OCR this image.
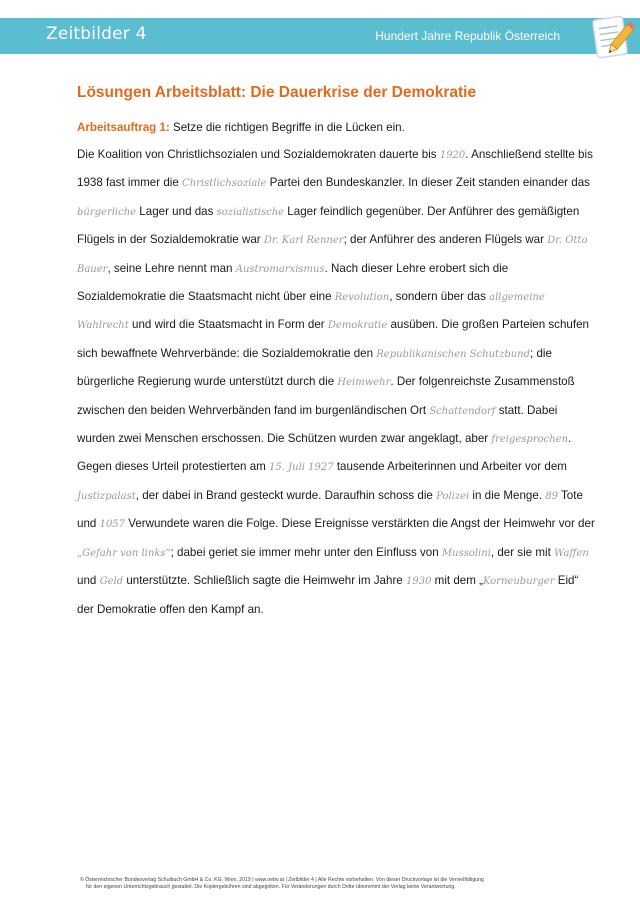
Zeitbilder 4	Hundert Jahre Republik Österreich
Lösungen Arbeitsblatt: Die Dauerkrise der Demokratie
Arbeitsauftrag 1: Setze die richtigen Begriffe in die Lücken ein.
Die Koalition von Christlichsozialen und Sozialdemokraten dauerte bis 1920. Anschließend stellte bis 1938 fast immer die Christlichsoziale Partei den Bundeskanzler. In dieser Zeit standen einander das bürgerliche Lager und das sozialistische Lager feindlich gegenüber. Der Anführer des gemäßigten Flügels in der Sozialdemokratie war Dr. Karl Renner; der Anführer des anderen Flügels war Dr. Otto Bauer, seine Lehre nennt man Austromarxismus. Nach dieser Lehre erobert sich die Sozialdemokratie die Staatsmacht nicht über eine Revolution, sondern über das allgemeine Wahlrecht und wird die Staatsmacht in Form der Demokratie ausüben. Die großen Parteien schufen sich bewaffnete Wehrverbände: die Sozialdemokratie den Republikanischen Schutzbund; die bürgerliche Regierung wurde unterstützt durch die Heimwehr. Der folgenreichste Zusammenstoß zwischen den beiden Wehrverbänden fand im burgenländischen Ort Schattendorf statt. Dabei wurden zwei Menschen erschossen. Die Schützen wurden zwar angeklagt, aber freigesprochen. Gegen dieses Urteil protestierten am 15. Juli 1927 tausende Arbeiterinnen und Arbeiter vor dem Justizpalast, der dabei in Brand gesteckt wurde. Daraufhin schoss die Polizei in die Menge. 89 Tote und 1057 Verwundete waren die Folge. Diese Ereignisse verstärkten die Angst der Heimwehr vor der „Gefahr von links“; dabei geriet sie immer mehr unter den Einfluss von Mussolini, der sie mit Waffen und Geld unterstützte. Schließlich sagte die Heimwehr im Jahre 1930 mit dem „Korneuburger Eid“ der Demokratie offen den Kampf an.
© Österreichischer Bundesverlag Schulbuch GmbH & Co. KG, Wien, 2019 | www.oebv.at | Zeitbilder 4 | Alle Rechte vorbehalten. Von dieser Druckvorlage ist die Vervielfältigung
für den eigenen Unterrichtsgebrauch gestattet. Die Kopiergebühren sind abgegolten. Für Veränderungen durch Dritte übernimmt der Verlag keine Verantwortung.
